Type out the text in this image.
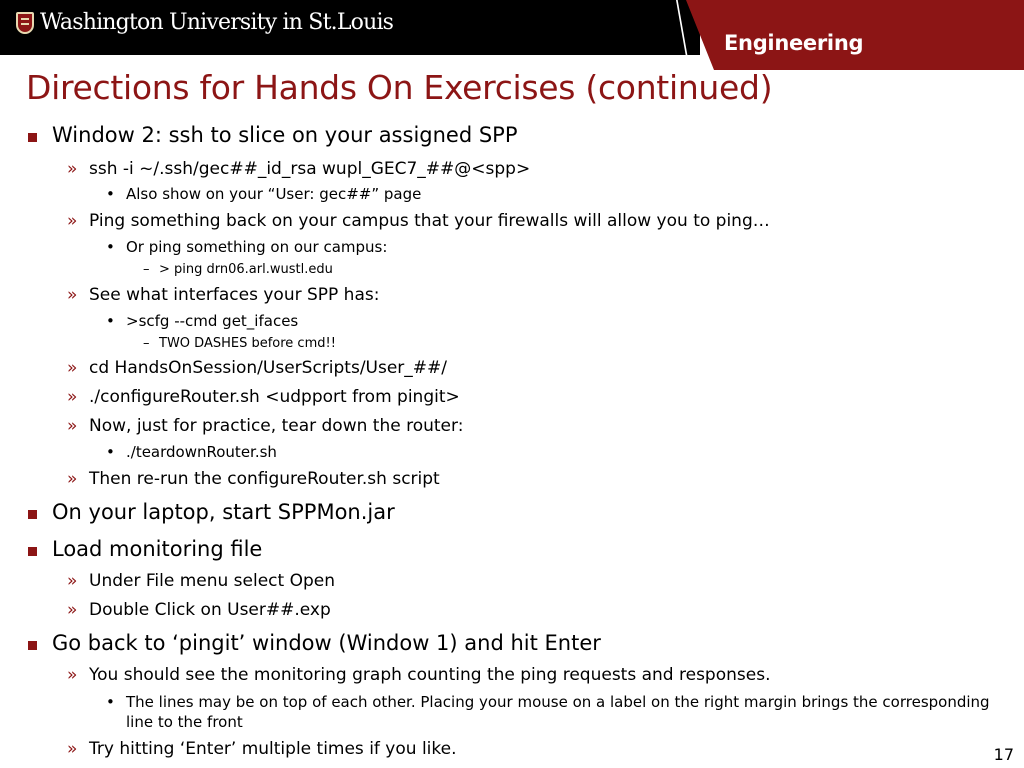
Washington University in St.Louis
Engineering
Directions for Hands On Exercises (continued)
Window 2: ssh to slice on your assigned SPP
» ssh -i ~/.ssh/gec##_id_rsa wupl_GEC7_##@<spp>
• Also show on your “User: gec##” page
» Ping something back on your campus that your firewalls will allow you to ping…
• Or ping something on our campus:
– > ping drn06.arl.wustl.edu
» See what interfaces your SPP has:
• >scfg --cmd get_ifaces
– TWO DASHES before cmd!!
» cd HandsOnSession/UserScripts/User_##/
» ./configureRouter.sh <udpport from pingit>
» Now, just for practice, tear down the router:
• ./teardownRouter.sh
» Then re-run the configureRouter.sh script
On your laptop, start SPPMon.jar
Load monitoring file
» Under File menu select Open
» Double Click on User##.exp
Go back to ‘pingit’ window (Window 1) and hit Enter
» You should see the monitoring graph counting the ping requests and responses.
• The lines may be on top of each other. Placing your mouse on a label on the right margin brings the corresponding line to the front
» Try hitting ‘Enter’ multiple times if you like.	17
